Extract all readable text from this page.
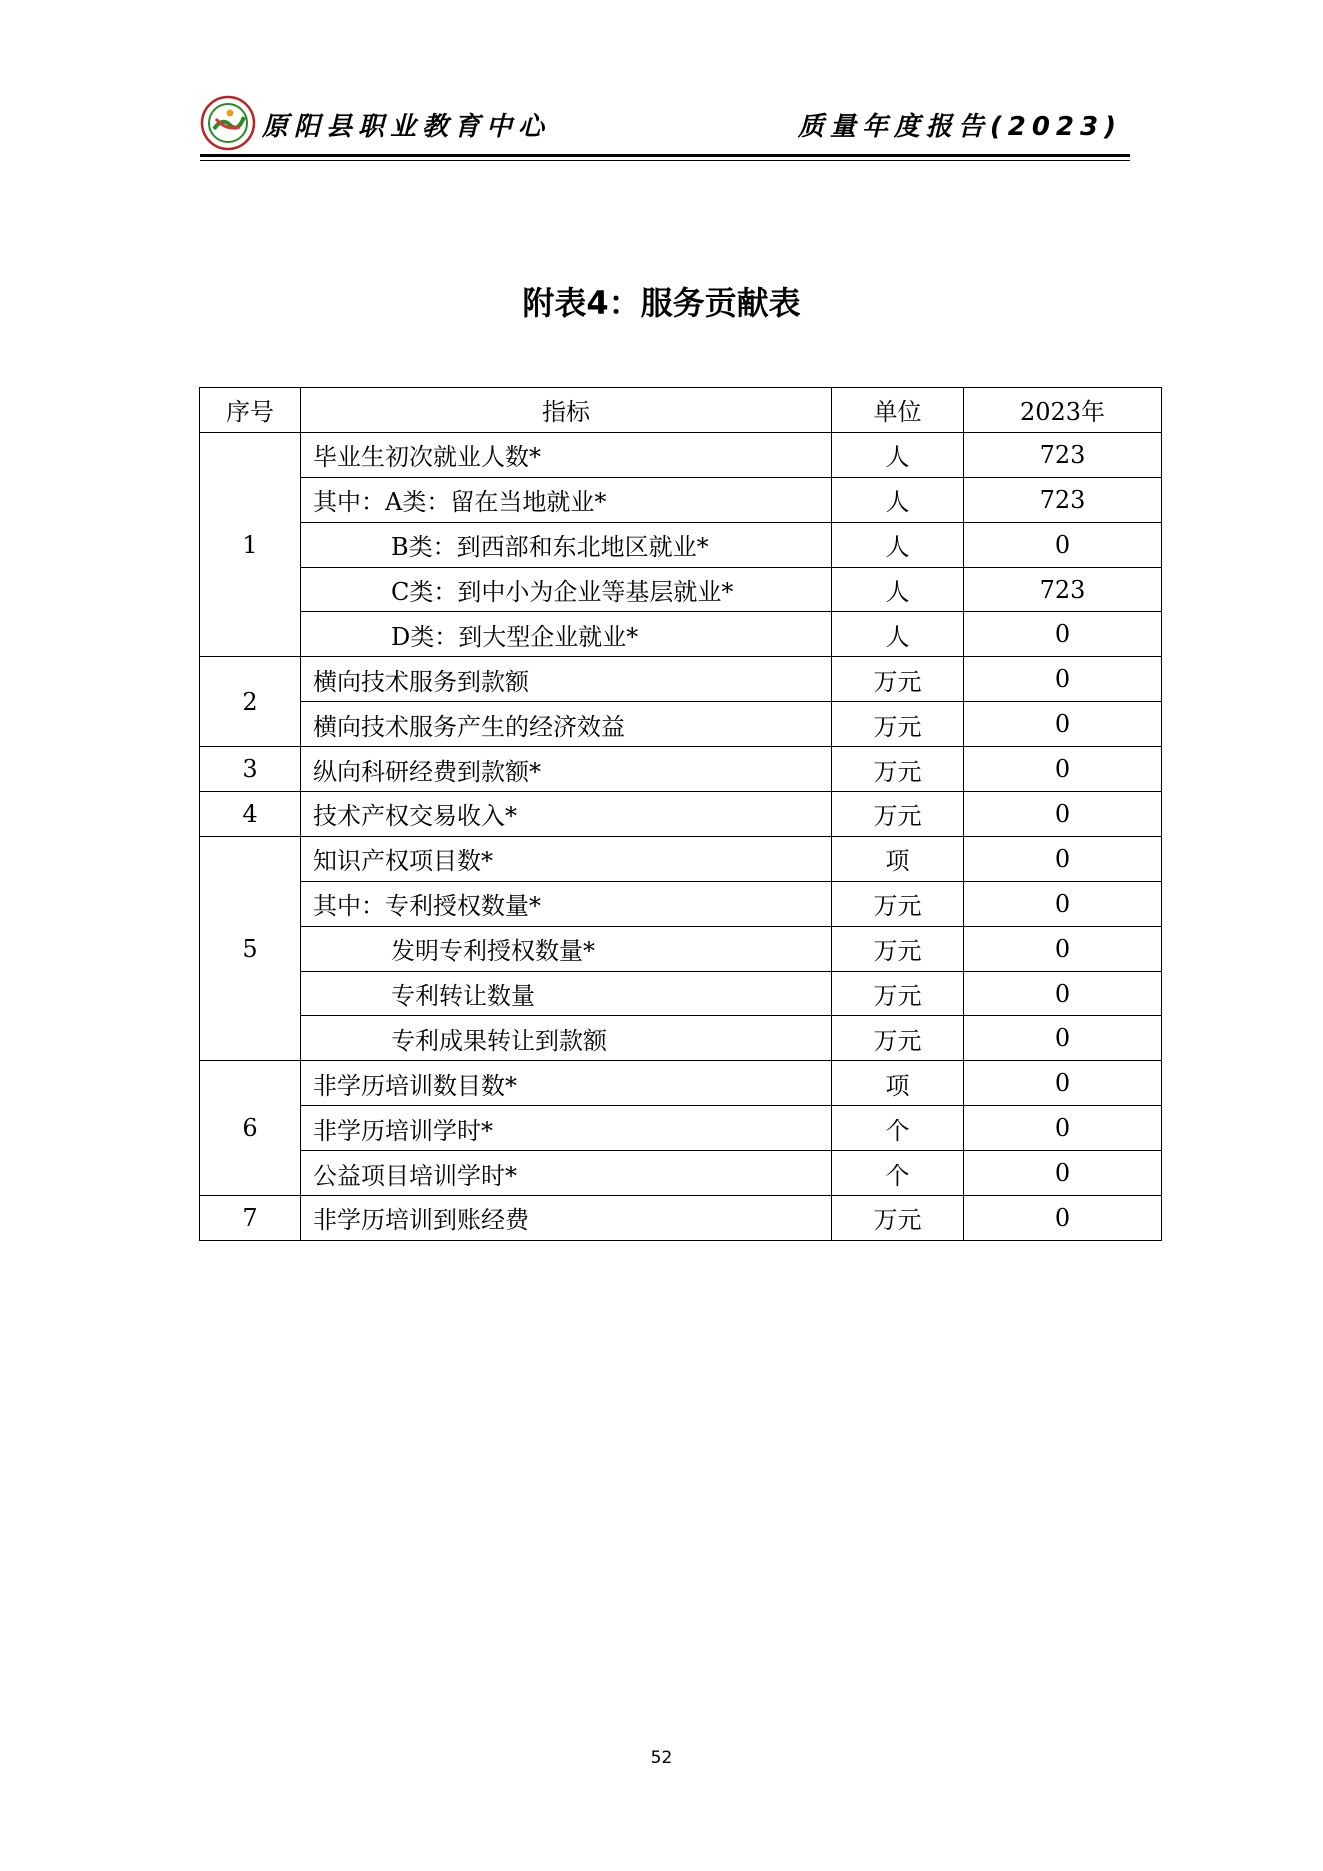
原阳县职业教育中心	质量年度报告(2023)
附表4：服务贡献表
序号	指标	单位	2023年
1	毕业生初次就业人数*	人	723
	其中：A类：留在当地就业*	人	723
	B类：到西部和东北地区就业*	人	0
	C类：到中小为企业等基层就业*	人	723
	D类：到大型企业就业*	人	0
2	横向技术服务到款额	万元	0
	横向技术服务产生的经济效益	万元	0
3	纵向科研经费到款额*	万元	0
4	技术产权交易收入*	万元	0
5	知识产权项目数*	项	0
	其中：专利授权数量*	万元	0
	发明专利授权数量*	万元	0
	专利转让数量	万元	0
	专利成果转让到款额	万元	0
6	非学历培训数目数*	项	0
	非学历培训学时*	个	0
	公益项目培训学时*	个	0
7	非学历培训到账经费	万元	0
52
